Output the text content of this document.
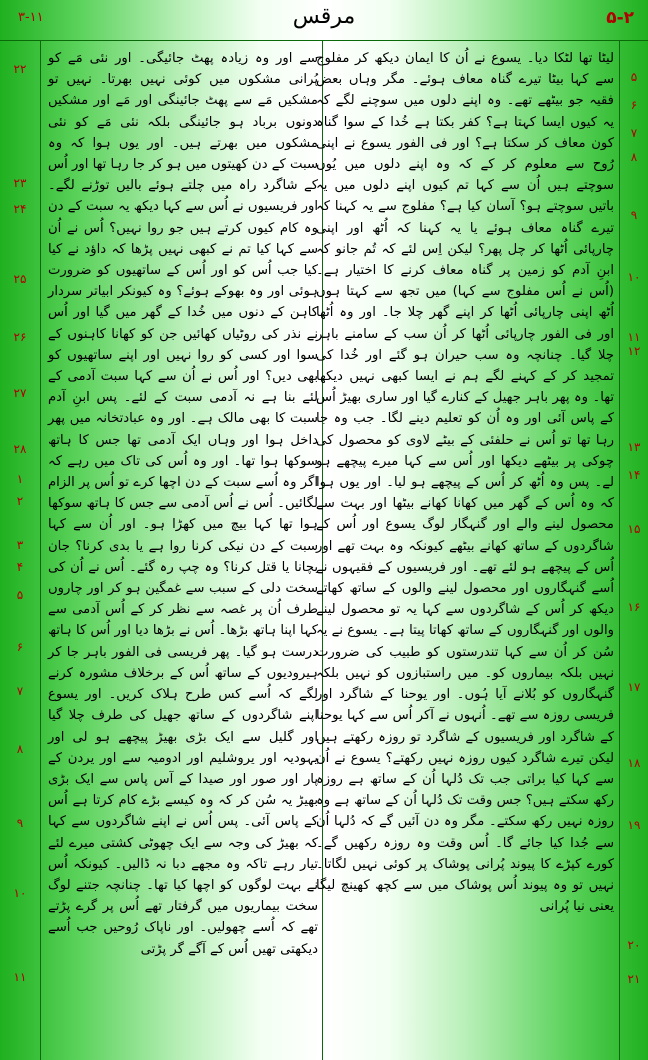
۳-۱۱	مرقس	۵-۲
۵
۶
۷
۸
۹
۱۰
۱۱
۱۲
۱۳
۱۴
۱۵
۱۶
۱۷
۱۸
۱۹
۲۰
۲۱
۲۲
۲۳
۲۴
۲۵
۲۶
۲۷
۲۸
۱
۲
۳
۴
۵
۶
۷
۸
۹
۱۰
۱۱

لیٹا تھا لٹکا دیا۔ یسوع نے اُن کا ایمان دیکھ کر مفلوج سے کہا بیٹا تیرے گناہ معاف ہوئے۔ مگر وہاں بعض فقیہ جو بیٹھے تھے۔ وہ اپنے دلوں میں سوچنے لگے کہ یہ کیوں ایسا کہتا ہے؟ کفر بکتا ہے خُدا کے سوا گناہ کون معاف کر سکتا ہے؟ اور فی الفور یسوع نے اپنی رُوح سے معلوم کر کے کہ وہ اپنے دلوں میں یُوں سوچتے ہیں اُن سے کہا تم کیوں اپنے دلوں میں یہ باتیں سوچتے ہو؟ آسان کیا ہے؟ مفلوج سے یہ کہنا کہ تیرے گناہ معاف ہوئے یا یہ کہنا کہ اُٹھ اور اپنی چارپائی اُٹھا کر چل پھر؟ لیکن اِس لئے کہ تُم جانو کہ ابنِ آدم کو زمین پر گناہ معاف کرنے کا اختیار ہے۔ (اُس نے اُس مفلوج سے کہا) میں تجھ سے کہتا ہوں اُٹھ اپنی چارپائی اُٹھا کر اپنے گھر چلا جا۔ اور وہ اُٹھا اور فی الفور چارپائی اُٹھا کر اُن سب کے سامنے باہر چلا گیا۔ چنانچہ وہ سب حیران ہو گئے اور خُدا کی تمجید کر کے کہنے لگے ہم نے ایسا کبھی نہیں دیکھا تھا۔ وہ پھر باہر جھیل کے کنارے گیا اور ساری بھیڑ اُس کے پاس آئی اور وہ اُن کو تعلیم دینے لگا۔ جب وہ جا رہا تھا تو اُس نے حلفئی کے بیٹے لاوی کو محصول کی چوکی پر بیٹھے دیکھا اور اُس سے کہا میرے پیچھے ہو لے۔ پس وہ اُٹھ کر اُس کے پیچھے ہو لیا۔ اور یوں ہوا کہ وہ اُس کے گھر میں کھانا کھانے بیٹھا اور بہت سے محصول لینے والے اور گنہگار لوگ یسوع اور اُس کے شاگردوں کے ساتھ کھانے بیٹھے کیونکہ وہ بہت تھے اور اُس کے پیچھے ہو لئے تھے۔ اور فریسیوں کے فقیہوں نے اُسے گنہگاروں اور محصول لینے والوں کے ساتھ کھاتے دیکھ کر اُس کے شاگردوں سے کہا یہ تو محصول لینے والوں اور گنہگاروں کے ساتھ کھاتا پیتا ہے۔ یسوع نے یہ سُن کر اُن سے کہا تندرستوں کو طبیب کی ضرورت نہیں بلکہ بیماروں کو۔ میں راستبازوں کو نہیں بلکہ گنہگاروں کو بُلانے آیا ہُوں۔ اور یوحنا کے شاگرد اور فریسی روزہ سے تھے۔ اُنہوں نے آکر اُس سے کہا یوحنا کے شاگرد اور فریسیوں کے شاگرد تو روزہ رکھتے ہیں لیکن تیرے شاگرد کیوں روزہ نہیں رکھتے؟ یسوع نے اُن سے کہا کیا براتی جب تک دُلہا اُن کے ساتھ ہے روزہ رکھ سکتے ہیں؟ جس وقت تک دُلہا اُن کے ساتھ ہے وہ روزہ نہیں رکھ سکتے۔ مگر وہ دن آئیں گے کہ دُلہا اُن سے جُدا کیا جائے گا۔ اُس وقت وہ روزہ رکھیں گے۔ کورے کپڑے کا پیوند پُرانی پوشاک پر کوئی نہیں لگاتا۔ نہیں تو وہ پیوند اُس پوشاک میں سے کچھ کھینچ لیگا یعنی نیا پُرانی

سے اور وہ زیادہ پھٹ جائیگی۔ اور نئی مَے کو پُرانی مشکوں میں کوئی نہیں بھرتا۔ نہیں تو مشکیں مَے سے پھٹ جائینگی اور مَے اور مشکیں دونوں برباد ہو جائینگی بلکہ نئی مَے کو نئی مشکوں میں بھرتے ہیں۔ اور یوں ہوا کہ وہ سبت کے دن کھیتوں میں ہو کر جا رہا تھا اور اُس کے شاگرد راہ میں چلتے ہوئے بالیں توڑنے لگے۔ اور فریسیوں نے اُس سے کہا دیکھ یہ سبت کے دن وہ کام کیوں کرتے ہیں جو روا نہیں؟ اُس نے اُن سے کہا کیا تم نے کبھی نہیں پڑھا کہ داؤد نے کیا کیا جب اُس کو اور اُس کے ساتھیوں کو ضرورت ہوئی اور وہ بھوکے ہوئے؟ وہ کیونکر ابیاتر سردار کاہن کے دنوں میں خُدا کے گھر میں گیا اور اُس نے نذر کی روٹیاں کھائیں جن کو کھانا کاہنوں کے سوا اور کسی کو روا نہیں اور اپنے ساتھیوں کو بھی دیں؟ اور اُس نے اُن سے کہا سبت آدمی کے لئے بنا ہے نہ آدمی سبت کے لئے۔ پس ابنِ آدم سبت کا بھی مالک ہے۔ اور وہ عبادتخانہ میں پھر داخل ہوا اور وہاں ایک آدمی تھا جس کا ہاتھ سوکھا ہوا تھا۔ اور وہ اُس کی تاک میں رہے کہ اگر وہ اُسے سبت کے دن اچھا کرے تو اُس پر الزام لگائیں۔ اُس نے اُس آدمی سے جس کا ہاتھ سوکھا ہوا تھا کہا بیچ میں کھڑا ہو۔ اور اُن سے کہا سبت کے دن نیکی کرنا روا ہے یا بدی کرنا؟ جان بچانا یا قتل کرنا؟ وہ چپ رہ گئے۔ اُس نے اُن کی سخت دلی کے سبب سے غمگین ہو کر اور چاروں طرف اُن پر غصہ سے نظر کر کے اُس آدمی سے کہا اپنا ہاتھ بڑھا۔ اُس نے بڑھا دیا اور اُس کا ہاتھ درست ہو گیا۔ پھر فریسی فی الفور باہر جا کر ہیرودیوں کے ساتھ اُس کے برخلاف مشورہ کرنے لگے کہ اُسے کس طرح ہلاک کریں۔ اور یسوع اپنے شاگردوں کے ساتھ جھیل کی طرف چلا گیا اور گلیل سے ایک بڑی بھیڑ پیچھے ہو لی اور یہودیہ اور یروشلیم اور ادومیہ سے اور یردن کے پار اور صور اور صیدا کے آس پاس سے ایک بڑی بھیڑ یہ سُن کر کہ وہ کیسے بڑے کام کرتا ہے اُس کے پاس آئی۔ پس اُس نے اپنے شاگردوں سے کہا کہ بھیڑ کی وجہ سے ایک چھوٹی کشتی میرے لئے تیار رہے تاکہ وہ مجھے دبا نہ ڈالیں۔ کیونکہ اُس نے بہت لوگوں کو اچھا کیا تھا۔ چنانچہ جتنے لوگ سخت بیماریوں میں گرفتار تھے اُس پر گرے پڑتے تھے کہ اُسے چھولیں۔ اور ناپاک رُوحیں جب اُسے دیکھتی تھیں اُس کے آگے گر پڑتی
